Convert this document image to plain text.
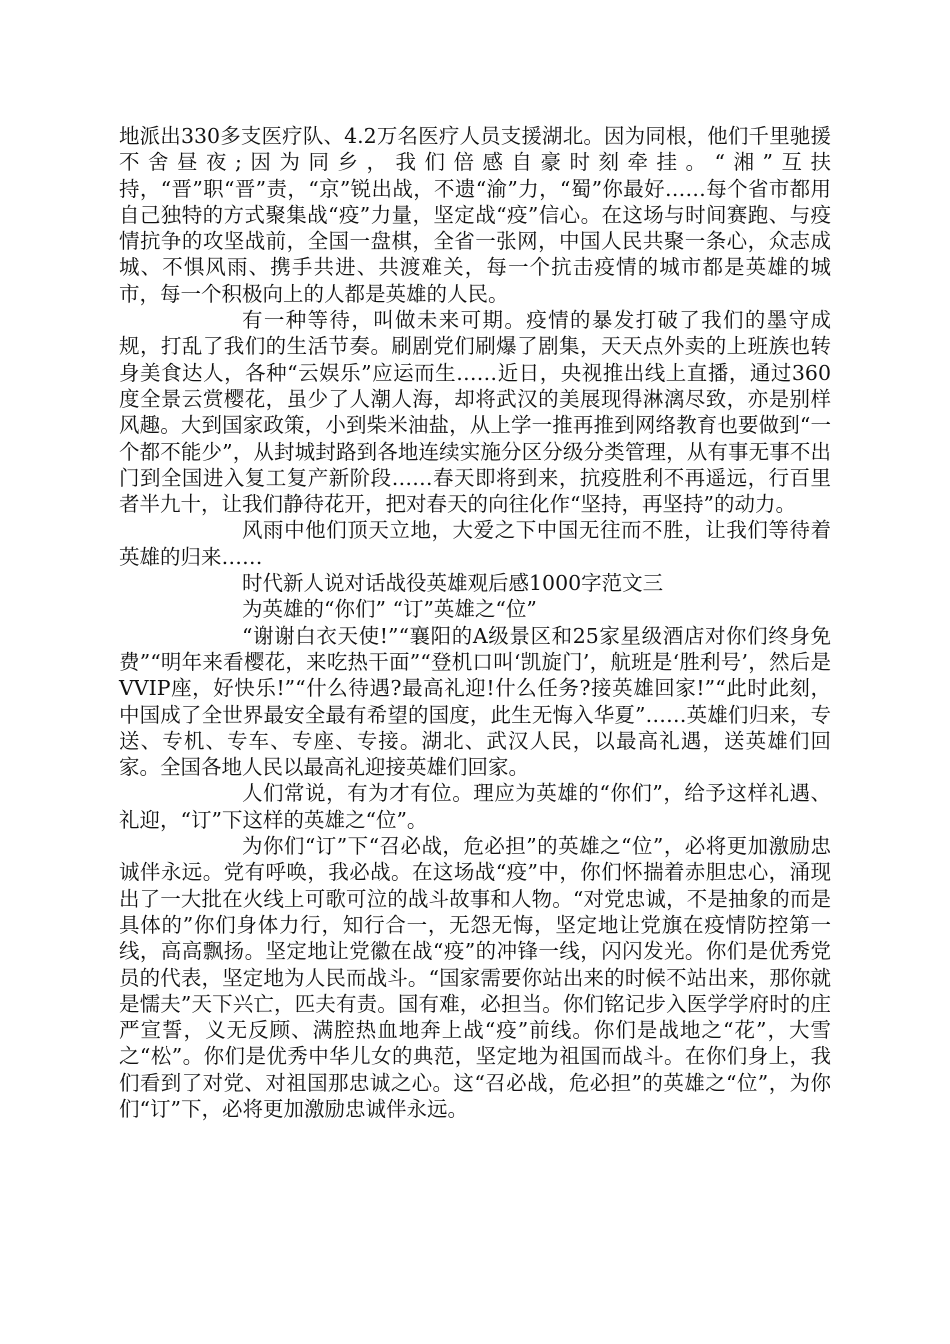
地派出330多支医疗队、4.2万名医疗人员支援湖北。因为同根，他们千里驰援不舍昼夜;因为同乡，我们倍感自豪时刻牵挂。“湘”互扶持，“晋”职“晋”责，“京”锐出战，不遗“渝”力，“蜀”你最好……每个省市都用自己独特的方式聚集战“疫”力量，坚定战“疫”信心。在这场与时间赛跑、与疫情抗争的攻坚战前，全国一盘棋，全省一张网，中国人民共聚一条心，众志成城、不惧风雨、携手共进、共渡难关，每一个抗击疫情的城市都是英雄的城市，每一个积极向上的人都是英雄的人民。

有一种等待，叫做未来可期。疫情的暴发打破了我们的墨守成规，打乱了我们的生活节奏。刷剧党们刷爆了剧集，天天点外卖的上班族也转身美食达人，各种“云娱乐”应运而生……近日，央视推出线上直播，通过360度全景云赏樱花，虽少了人潮人海，却将武汉的美展现得淋漓尽致，亦是别样风趣。大到国家政策，小到柴米油盐，从上学一推再推到网络教育也要做到“一个都不能少”，从封城封路到各地连续实施分区分级分类管理，从有事无事不出门到全国进入复工复产新阶段……春天即将到来，抗疫胜利不再遥远，行百里者半九十，让我们静待花开，把对春天的向往化作“坚持，再坚持”的动力。

风雨中他们顶天立地，大爱之下中国无往而不胜，让我们等待着英雄的归来……

时代新人说对话战役英雄观后感1000字范文三

为英雄的“你们” “订”英雄之“位”

“谢谢白衣天使!”“襄阳的A级景区和25家星级酒店对你们终身免费”“明年来看樱花，来吃热干面”“登机口叫‘凯旋门’，航班是‘胜利号’，然后是VVIP座，好快乐!”“什么待遇?最高礼迎!什么任务?接英雄回家!”“此时此刻，中国成了全世界最安全最有希望的国度，此生无悔入华夏”……英雄们归来，专送、专机、专车、专座、专接。湖北、武汉人民，以最高礼遇，送英雄们回家。全国各地人民以最高礼迎接英雄们回家。

人们常说，有为才有位。理应为英雄的“你们”，给予这样礼遇、礼迎，“订”下这样的英雄之“位”。

为你们“订”下“召必战，危必担”的英雄之“位”，必将更加激励忠诚伴永远。党有呼唤，我必战。在这场战“疫”中，你们怀揣着赤胆忠心，涌现出了一大批在火线上可歌可泣的战斗故事和人物。“对党忠诚，不是抽象的而是具体的”你们身体力行，知行合一，无怨无悔，坚定地让党旗在疫情防控第一线，高高飘扬。坚定地让党徽在战“疫”的冲锋一线，闪闪发光。你们是优秀党员的代表，坚定地为人民而战斗。“国家需要你站出来的时候不站出来，那你就是懦夫”天下兴亡，匹夫有责。国有难，必担当。你们铭记步入医学学府时的庄严宣誓，义无反顾、满腔热血地奔上战“疫”前线。你们是战地之“花”，大雪之“松”。你们是优秀中华儿女的典范，坚定地为祖国而战斗。在你们身上，我们看到了对党、对祖国那忠诚之心。这“召必战，危必担”的英雄之“位”，为你们“订”下，必将更加激励忠诚伴永远。
